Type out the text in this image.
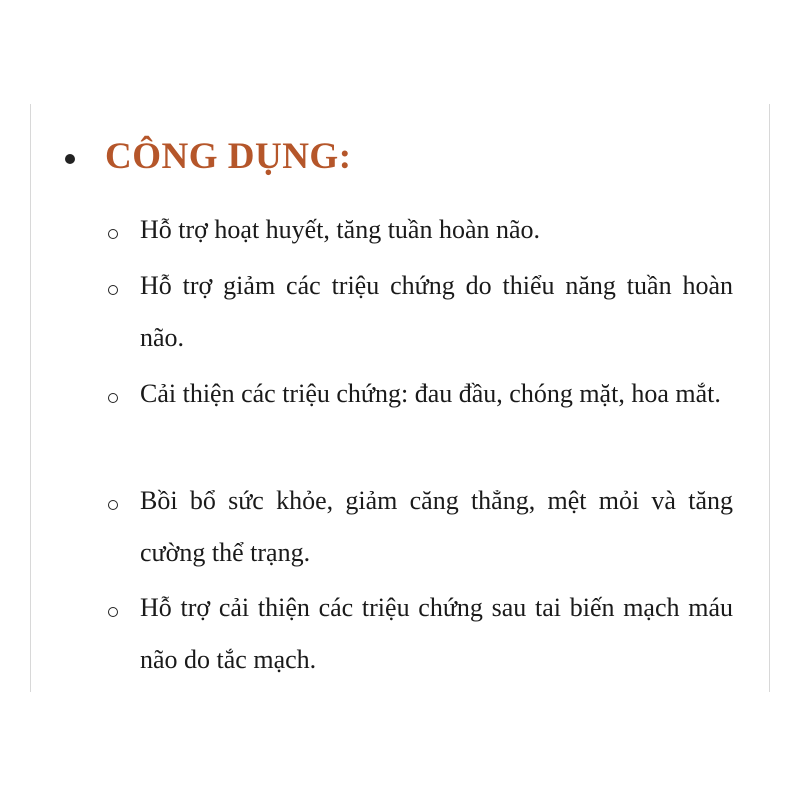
CÔNG DỤNG:
Hỗ trợ hoạt huyết, tăng tuần hoàn não.
Hỗ trợ giảm các triệu chứng do thiểu năng tuần hoàn não.
Cải thiện các triệu chứng: đau đầu, chóng mặt, hoa mắt.
Bồi bổ sức khỏe, giảm căng thẳng, mệt mỏi và tăng cường thể trạng.
Hỗ trợ cải thiện các triệu chứng sau tai biến mạch máu não do tắc mạch.
